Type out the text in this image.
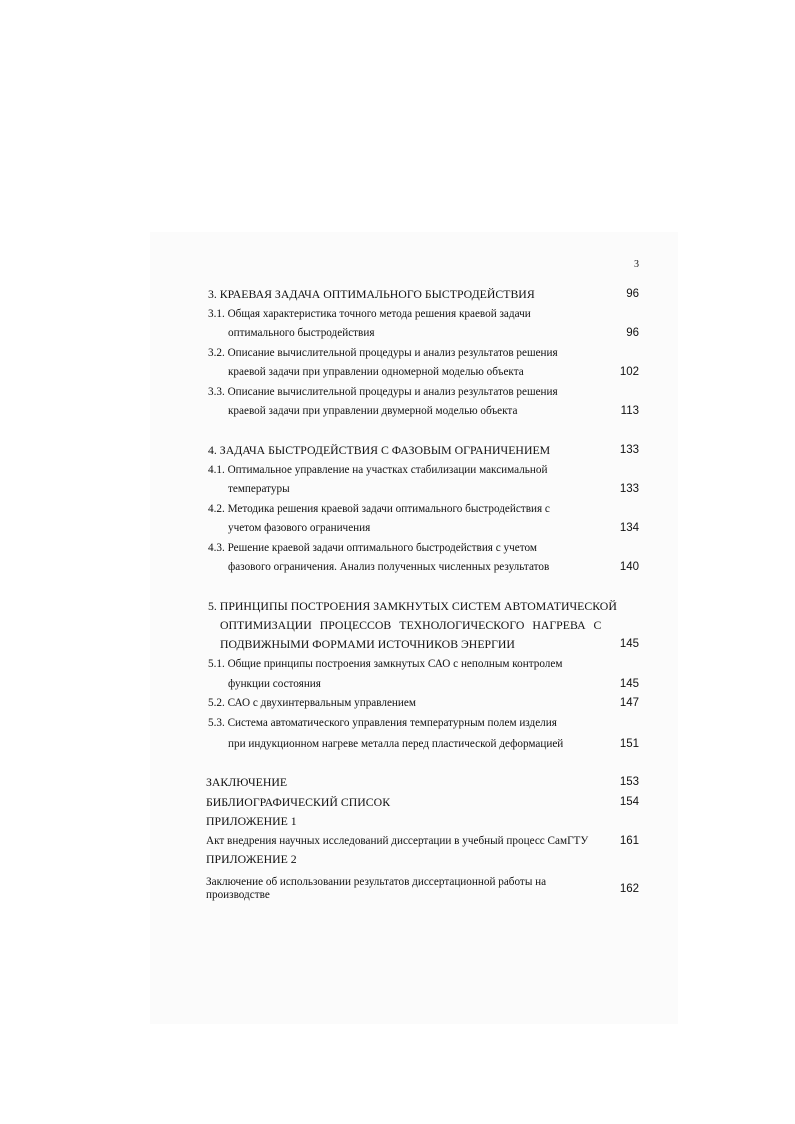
3
3. КРАЕВАЯ ЗАДАЧА ОПТИМАЛЬНОГО БЫСТРОДЕЙСТВИЯ	96
3.1. Общая характеристика точного метода решения краевой задачи
оптимального быстродействия	96
3.2. Описание вычислительной процедуры и анализ результатов решения
краевой задачи при управлении одномерной моделью объекта	102
3.3. Описание вычислительной процедуры и анализ результатов решения
краевой задачи при управлении двумерной моделью объекта	113
4. ЗАДАЧА БЫСТРОДЕЙСТВИЯ С ФАЗОВЫМ ОГРАНИЧЕНИЕМ	133
4.1. Оптимальное управление на участках стабилизации максимальной
температуры	133
4.2. Методика решения краевой задачи оптимального быстродействия с
учетом фазового ограничения	134
4.3. Решение краевой задачи оптимального быстродействия с учетом
фазового ограничения. Анализ полученных численных результатов	140
5. ПРИНЦИПЫ ПОСТРОЕНИЯ ЗАМКНУТЫХ СИСТЕМ АВТОМАТИЧЕСКОЙ
ОПТИМИЗАЦИИ ПРОЦЕССОВ ТЕХНОЛОГИЧЕСКОГО НАГРЕВА С
ПОДВИЖНЫМИ ФОРМАМИ ИСТОЧНИКОВ ЭНЕРГИИ	145
5.1. Общие принципы построения замкнутых САО с неполным контролем
функции состояния	145
5.2. САО с двухинтервальным управлением	147
5.3. Система автоматического управления температурным полем изделия
при индукционном нагреве металла перед пластической деформацией	151
ЗАКЛЮЧЕНИЕ	153
БИБЛИОГРАФИЧЕСКИЙ СПИСОК	154
ПРИЛОЖЕНИЕ 1
Акт внедрения научных исследований диссертации в учебный процесс СамГТУ	161
ПРИЛОЖЕНИЕ 2
Заключение об использовании результатов диссертационной работы на
производстве	162
